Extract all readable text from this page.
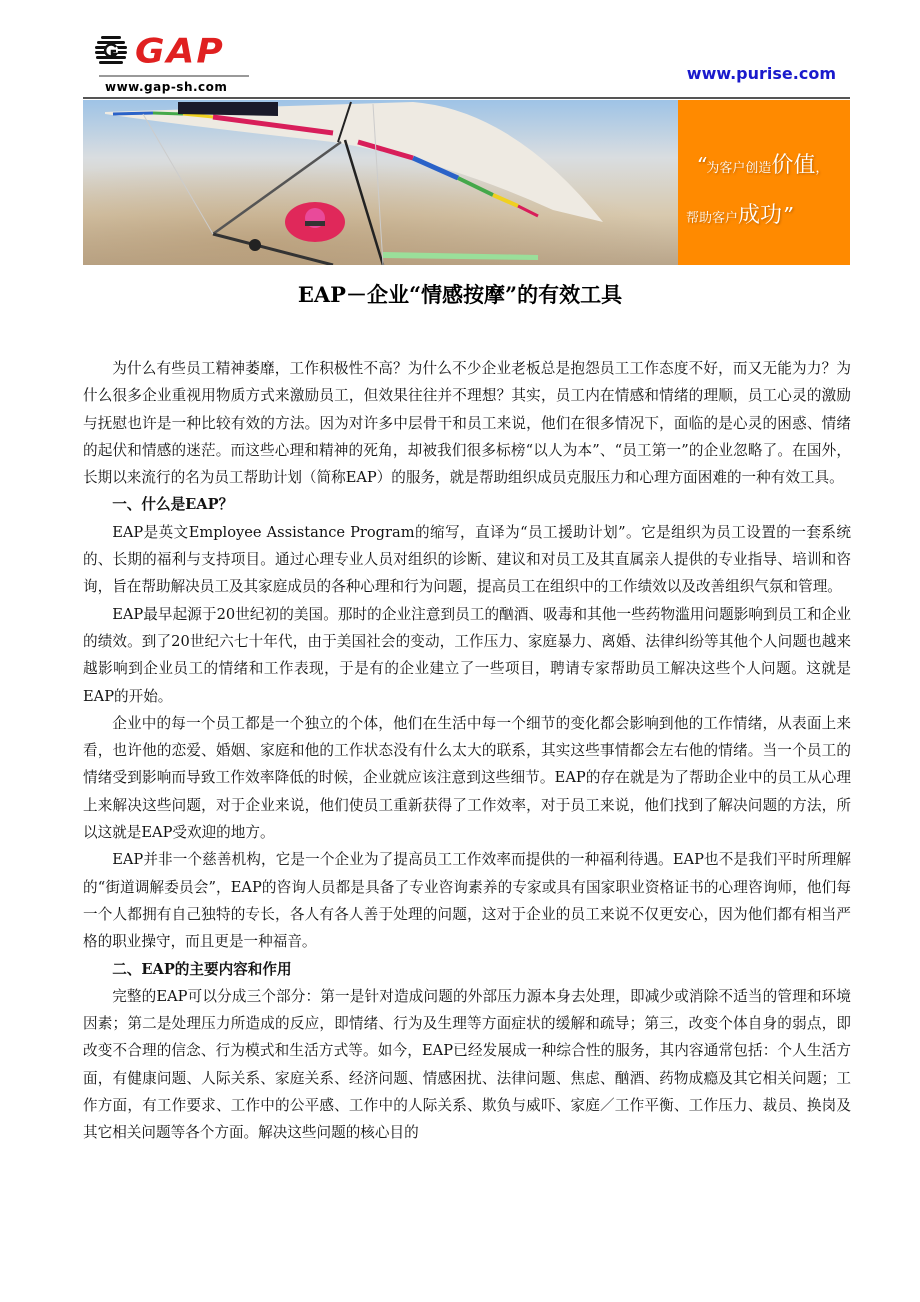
GAP
www.gap-sh.com
www.purise.com
“为客户创造价值，
帮助客户成功”
EAP－企业“情感按摩”的有效工具

为什么有些员工精神萎靡，工作积极性不高？为什么不少企业老板总是抱怨员工工作态度不好，而又无能为力？为什么很多企业重视用物质方式来激励员工，但效果往往并不理想？其实，员工内在情感和情绪的理顺，员工心灵的激励与抚慰也许是一种比较有效的方法。因为对许多中层骨干和员工来说，他们在很多情况下，面临的是心灵的困惑、情绪的起伏和情感的迷茫。而这些心理和精神的死角，却被我们很多标榜“以人为本”、“员工第一”的企业忽略了。在国外，长期以来流行的名为员工帮助计划（简称EAP）的服务，就是帮助组织成员克服压力和心理方面困难的一种有效工具。

一、什么是EAP？

EAP是英文Employee Assistance Program的缩写，直译为“员工援助计划”。它是组织为员工设置的一套系统的、长期的福利与支持项目。通过心理专业人员对组织的诊断、建议和对员工及其直属亲人提供的专业指导、培训和咨询，旨在帮助解决员工及其家庭成员的各种心理和行为问题，提高员工在组织中的工作绩效以及改善组织气氛和管理。

EAP最早起源于20世纪初的美国。那时的企业注意到员工的酗酒、吸毒和其他一些药物滥用问题影响到员工和企业的绩效。到了20世纪六七十年代，由于美国社会的变动，工作压力、家庭暴力、离婚、法律纠纷等其他个人问题也越来越影响到企业员工的情绪和工作表现，于是有的企业建立了一些项目，聘请专家帮助员工解决这些个人问题。这就是EAP的开始。

企业中的每一个员工都是一个独立的个体，他们在生活中每一个细节的变化都会影响到他的工作情绪，从表面上来看，也许他的恋爱、婚姻、家庭和他的工作状态没有什么太大的联系，其实这些事情都会左右他的情绪。当一个员工的情绪受到影响而导致工作效率降低的时候，企业就应该注意到这些细节。EAP的存在就是为了帮助企业中的员工从心理上来解决这些问题，对于企业来说，他们使员工重新获得了工作效率，对于员工来说，他们找到了解决问题的方法，所以这就是EAP受欢迎的地方。

EAP并非一个慈善机构，它是一个企业为了提高员工工作效率而提供的一种福利待遇。EAP也不是我们平时所理解的“街道调解委员会”，EAP的咨询人员都是具备了专业咨询素养的专家或具有国家职业资格证书的心理咨询师，他们每一个人都拥有自己独特的专长，各人有各人善于处理的问题，这对于企业的员工来说不仅更安心，因为他们都有相当严格的职业操守，而且更是一种福音。

二、EAP的主要内容和作用

完整的EAP可以分成三个部分：第一是针对造成问题的外部压力源本身去处理，即减少或消除不适当的管理和环境因素；第二是处理压力所造成的反应，即情绪、行为及生理等方面症状的缓解和疏导；第三，改变个体自身的弱点，即改变不合理的信念、行为模式和生活方式等。如今，EAP已经发展成一种综合性的服务，其内容通常包括：个人生活方面，有健康问题、人际关系、家庭关系、经济问题、情感困扰、法律问题、焦虑、酗酒、药物成瘾及其它相关问题；工作方面，有工作要求、工作中的公平感、工作中的人际关系、欺负与威吓、家庭／工作平衡、工作压力、裁员、换岗及其它相关问题等各个方面。解决这些问题的核心目的
